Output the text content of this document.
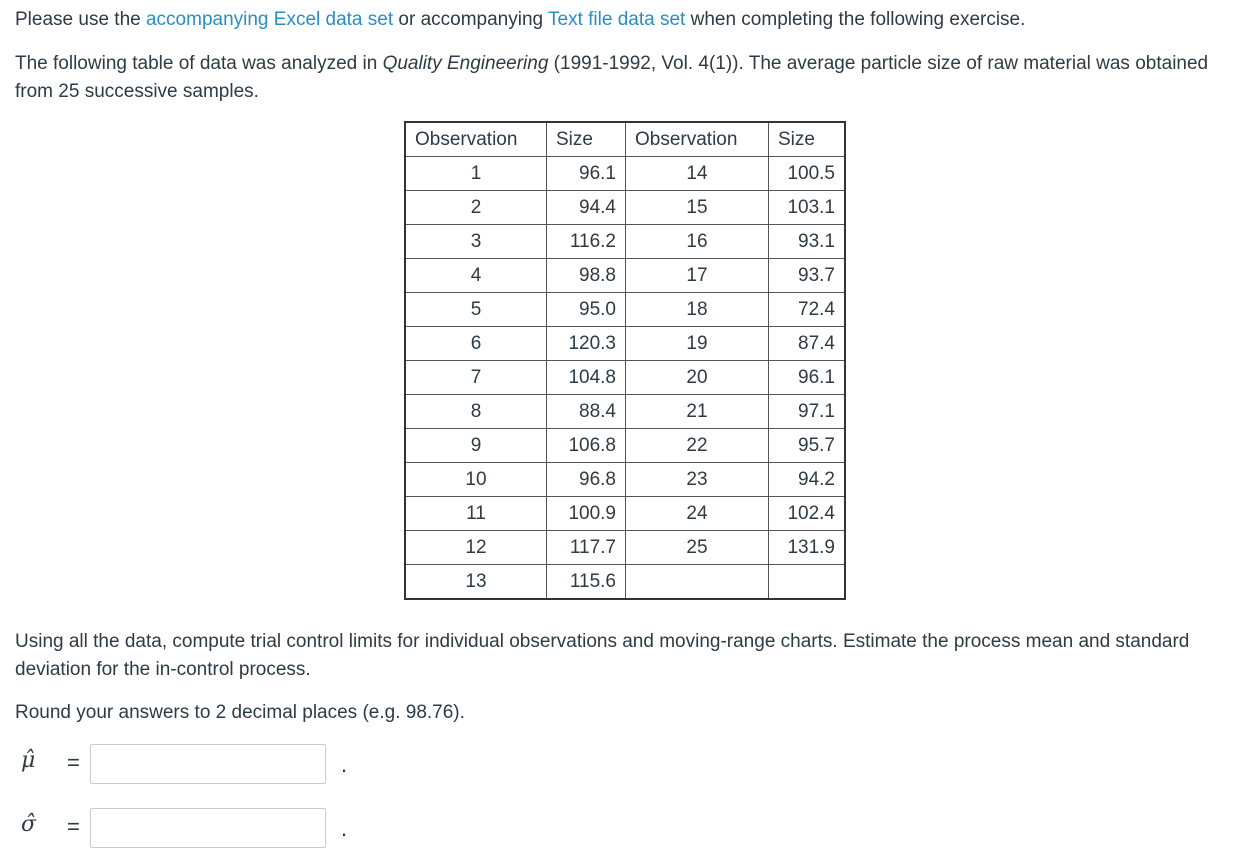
Please use the accompanying Excel data set or accompanying Text file data set when completing the following exercise.

The following table of data was analyzed in Quality Engineering (1991-1992, Vol. 4(1)). The average particle size of raw material was obtained from 25 successive samples.

Observation	Size	Observation	Size
1	96.1	14	100.5
2	94.4	15	103.1
3	116.2	16	93.1
4	98.8	17	93.7
5	95.0	18	72.4
6	120.3	19	87.4
7	104.8	20	96.1
8	88.4	21	97.1
9	106.8	22	95.7
10	96.8	23	94.2
11	100.9	24	102.4
12	117.7	25	131.9
13	115.6		

Using all the data, compute trial control limits for individual observations and moving-range charts. Estimate the process mean and standard deviation for the in-control process.

Round your answers to 2 decimal places (e.g. 98.76).

μ̂ =	.
σ̂ =	.
